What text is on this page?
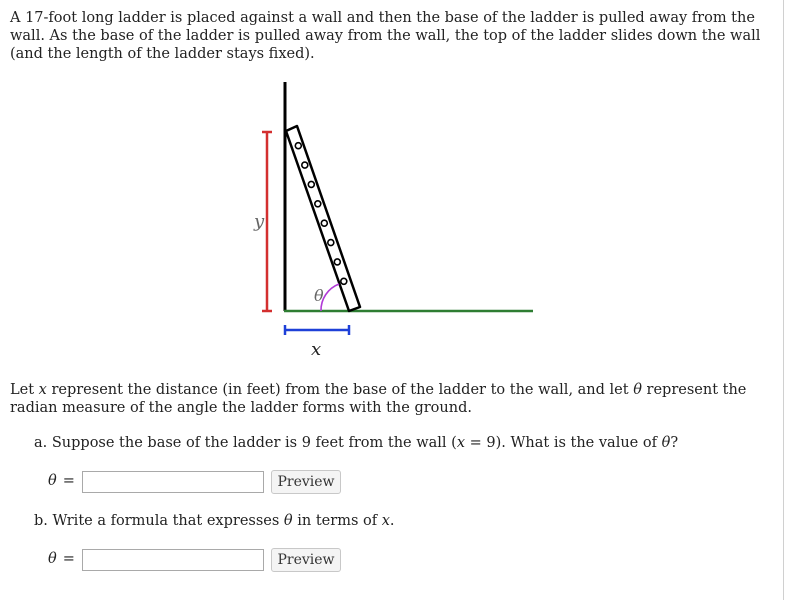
A 17-foot long ladder is placed against a wall and then the base of the ladder is pulled away from the wall. As the base of the ladder is pulled away from the wall, the top of the ladder slides down the wall (and the length of the ladder stays fixed).
y
x
θ
Let x represent the distance (in feet) from the base of the ladder to the wall, and let θ represent the radian measure of the angle the ladder forms with the ground.
a. Suppose the base of the ladder is 9 feet from the wall (x = 9). What is the value of θ?
θ =	Preview
b. Write a formula that expresses θ in terms of x.
θ =	Preview
